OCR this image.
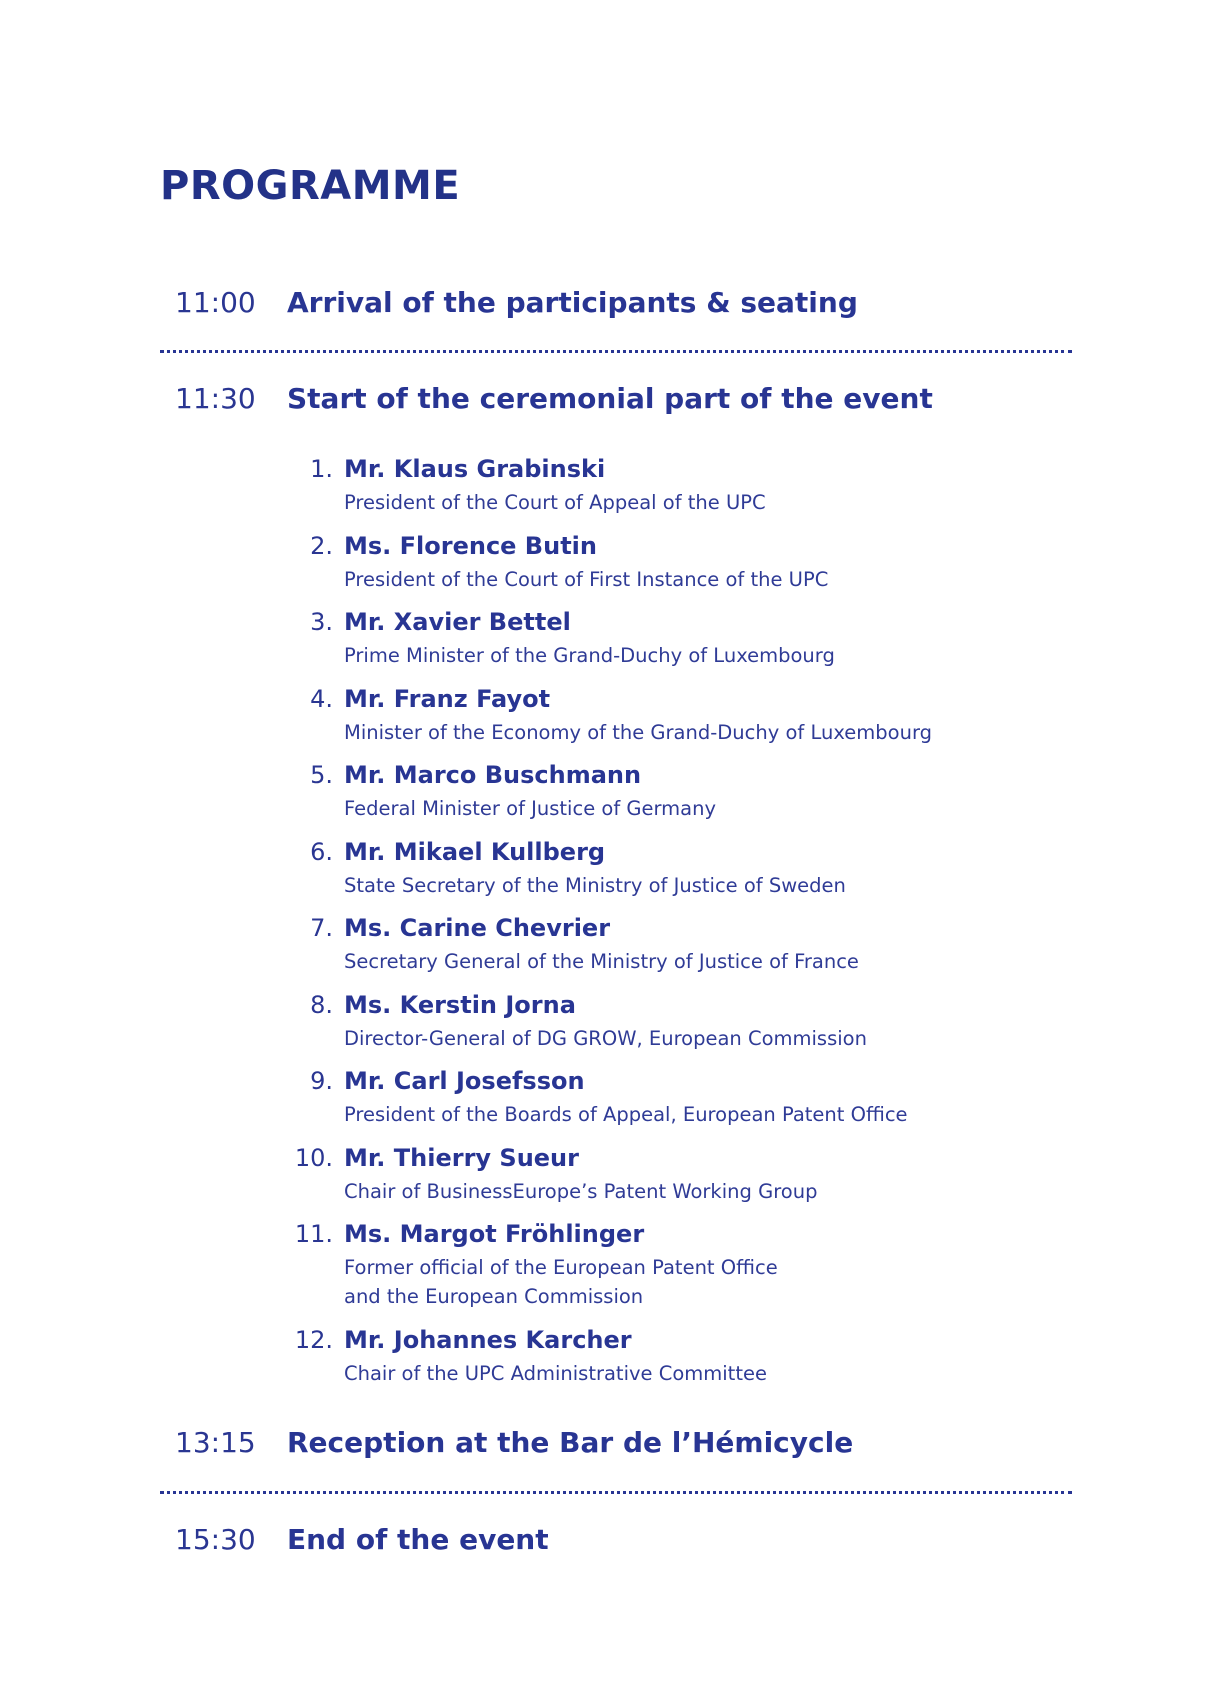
PROGRAMME
11:00 Arrival of the participants & seating
11:30 Start of the ceremonial part of the event
1. Mr. Klaus Grabinski
President of the Court of Appeal of the UPC
2. Ms. Florence Butin
President of the Court of First Instance of the UPC
3. Mr. Xavier Bettel
Prime Minister of the Grand-Duchy of Luxembourg
4. Mr. Franz Fayot
Minister of the Economy of the Grand-Duchy of Luxembourg
5. Mr. Marco Buschmann
Federal Minister of Justice of Germany
6. Mr. Mikael Kullberg
State Secretary of the Ministry of Justice of Sweden
7. Ms. Carine Chevrier
Secretary General of the Ministry of Justice of France
8. Ms. Kerstin Jorna
Director-General of DG GROW, European Commission
9. Mr. Carl Josefsson
President of the Boards of Appeal, European Patent Office
10. Mr. Thierry Sueur
Chair of BusinessEurope’s Patent Working Group
11. Ms. Margot Fröhlinger
Former official of the European Patent Office
and the European Commission
12. Mr. Johannes Karcher
Chair of the UPC Administrative Committee
13:15 Reception at the Bar de l’Hémicycle
15:30 End of the event
